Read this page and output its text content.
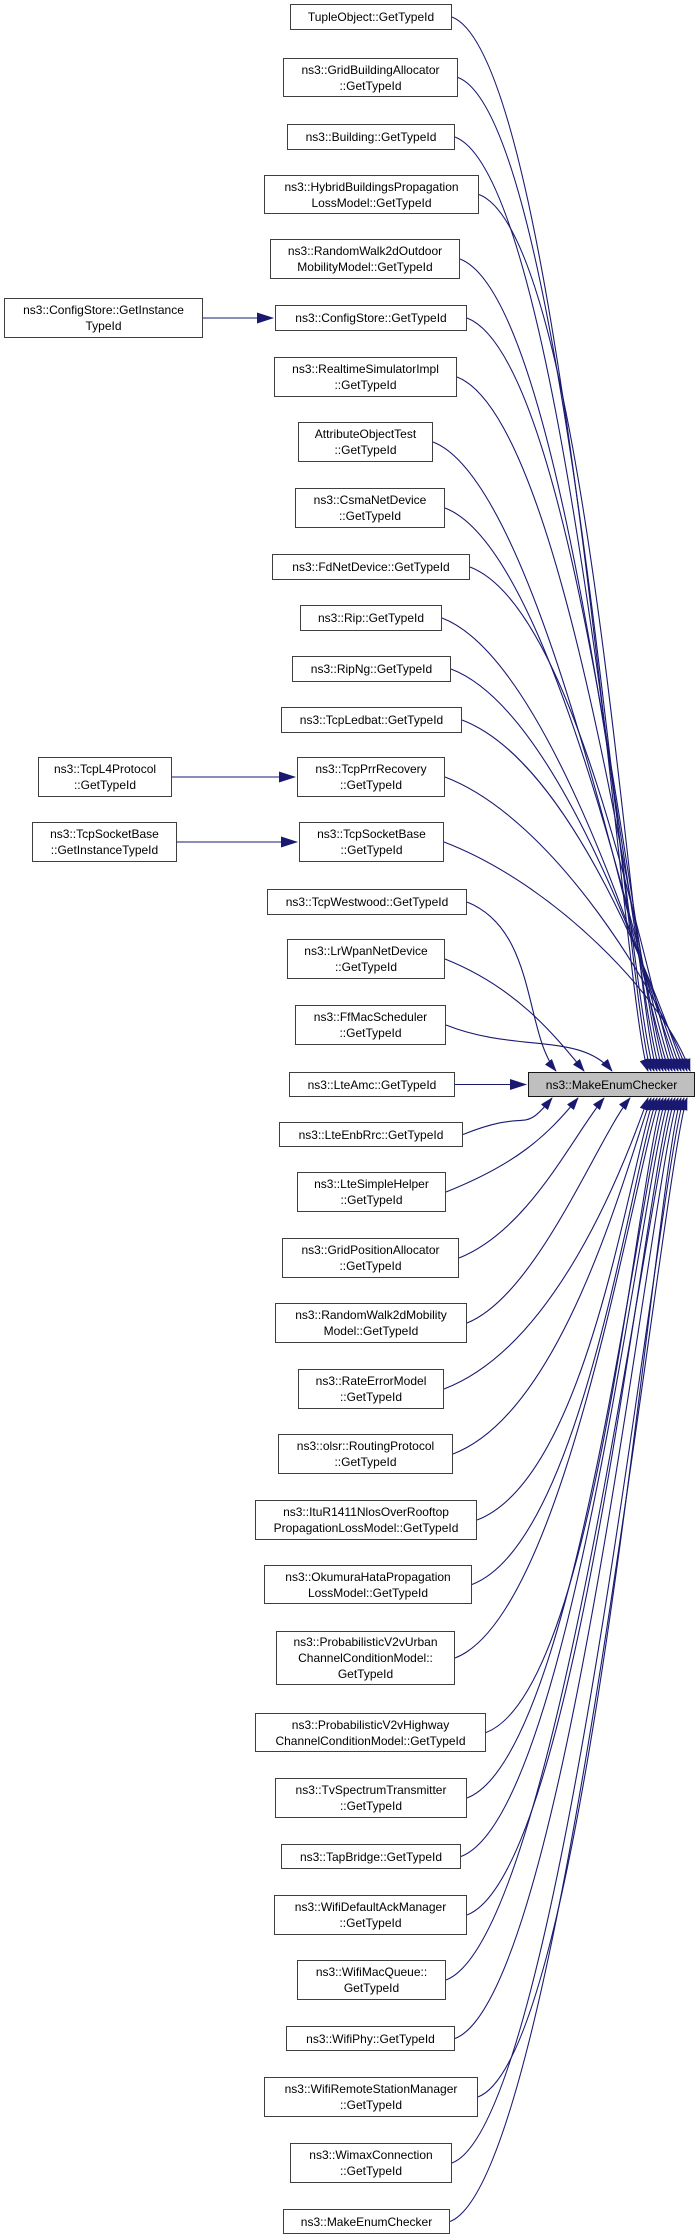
TupleObject::GetTypeId
ns3::GridBuildingAllocator
::GetTypeId
ns3::Building::GetTypeId
ns3::HybridBuildingsPropagation
LossModel::GetTypeId
ns3::RandomWalk2dOutdoor
MobilityModel::GetTypeId
ns3::ConfigStore::GetTypeId
ns3::RealtimeSimulatorImpl
::GetTypeId
AttributeObjectTest
::GetTypeId
ns3::CsmaNetDevice
::GetTypeId
ns3::FdNetDevice::GetTypeId
ns3::Rip::GetTypeId
ns3::RipNg::GetTypeId
ns3::TcpLedbat::GetTypeId
ns3::TcpPrrRecovery
::GetTypeId
ns3::TcpSocketBase
::GetTypeId
ns3::TcpWestwood::GetTypeId
ns3::LrWpanNetDevice
::GetTypeId
ns3::FfMacScheduler
::GetTypeId
ns3::LteAmc::GetTypeId
ns3::LteEnbRrc::GetTypeId
ns3::LteSimpleHelper
::GetTypeId
ns3::GridPositionAllocator
::GetTypeId
ns3::RandomWalk2dMobility
Model::GetTypeId
ns3::RateErrorModel
::GetTypeId
ns3::olsr::RoutingProtocol
::GetTypeId
ns3::ItuR1411NlosOverRooftop
PropagationLossModel::GetTypeId
ns3::OkumuraHataPropagation
LossModel::GetTypeId
ns3::ProbabilisticV2vUrban
ChannelConditionModel::
GetTypeId
ns3::ProbabilisticV2vHighway
ChannelConditionModel::GetTypeId
ns3::TvSpectrumTransmitter
::GetTypeId
ns3::TapBridge::GetTypeId
ns3::WifiDefaultAckManager
::GetTypeId
ns3::WifiMacQueue::
GetTypeId
ns3::WifiPhy::GetTypeId
ns3::WifiRemoteStationManager
::GetTypeId
ns3::WimaxConnection
::GetTypeId
ns3::MakeEnumChecker
ns3::ConfigStore::GetInstance
TypeId
ns3::TcpL4Protocol
::GetTypeId
ns3::TcpSocketBase
::GetInstanceTypeId
ns3::MakeEnumChecker
